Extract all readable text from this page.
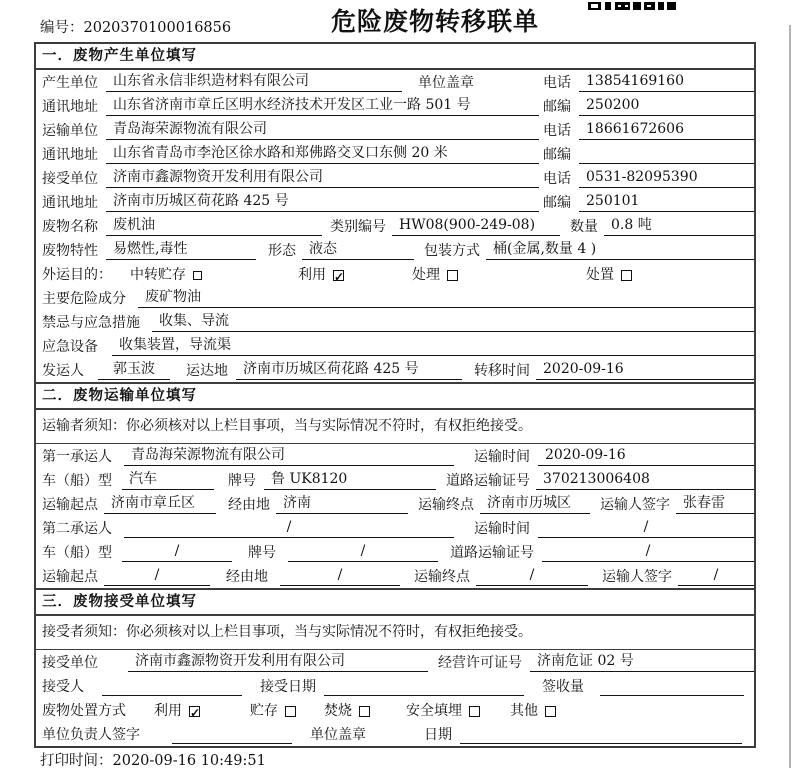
编号：2020370100016856	危险废物转移联单
一．废物产生单位填写
产生单位	山东省永信非织造材料有限公司	单位盖章	电话	13854169160
通讯地址	山东省济南市章丘区明水经济技术开发区工业一路 501 号	邮编	250200
运输单位	青岛海荣源物流有限公司	电话	18661672606
通讯地址	山东省青岛市李沧区徐水路和郑佛路交叉口东侧 20 米	邮编
接受单位	济南市鑫源物资开发利用有限公司	电话	0531-82095390
通讯地址	济南市历城区荷花路 425 号	邮编	250101
废物名称	废机油	类别编号 HW08(900-249-08)	数量 0.8 吨
废物特性	易燃性,毒性	形态 液态	包装方式 桶(金属,数量 4 )
外运目的：	中转贮存	利用 ✓	处理	处置
主要危险成分	废矿物油
禁忌与应急措施	收集、导流
应急设备	收集装置，导流渠
发运人	郭玉波	运达地	济南市历城区荷花路 425 号	转移时间 2020-09-16
二．废物运输单位填写
运输者须知：你必须核对以上栏目事项，当与实际情况不符时，有权拒绝接受。
第一承运人	青岛海荣源物流有限公司	运输时间	2020-09-16
车（船）型	汽车	牌号	鲁 UK8120	道路运输证号 370213006408
运输起点 济南市章丘区	经由地 济南	运输终点 济南市历城区	运输人签字 张春雷
第二承运人	/	运输时间	/
车（船）型	/	牌号	/	道路运输证号	/
运输起点	/	经由地	/	运输终点	/	运输人签字	/
三．废物接受单位填写
接受者须知：你必须核对以上栏目事项，当与实际情况不符时，有权拒绝接受。
接受单位	济南市鑫源物资开发利用有限公司	经营许可证号	济南危证 02 号
接受人	接受日期	签收量
废物处置方式	利用 ✓	贮存	焚烧	安全填埋	其他
单位负责人签字	单位盖章	日期
打印时间：2020-09-16 10:49:51
